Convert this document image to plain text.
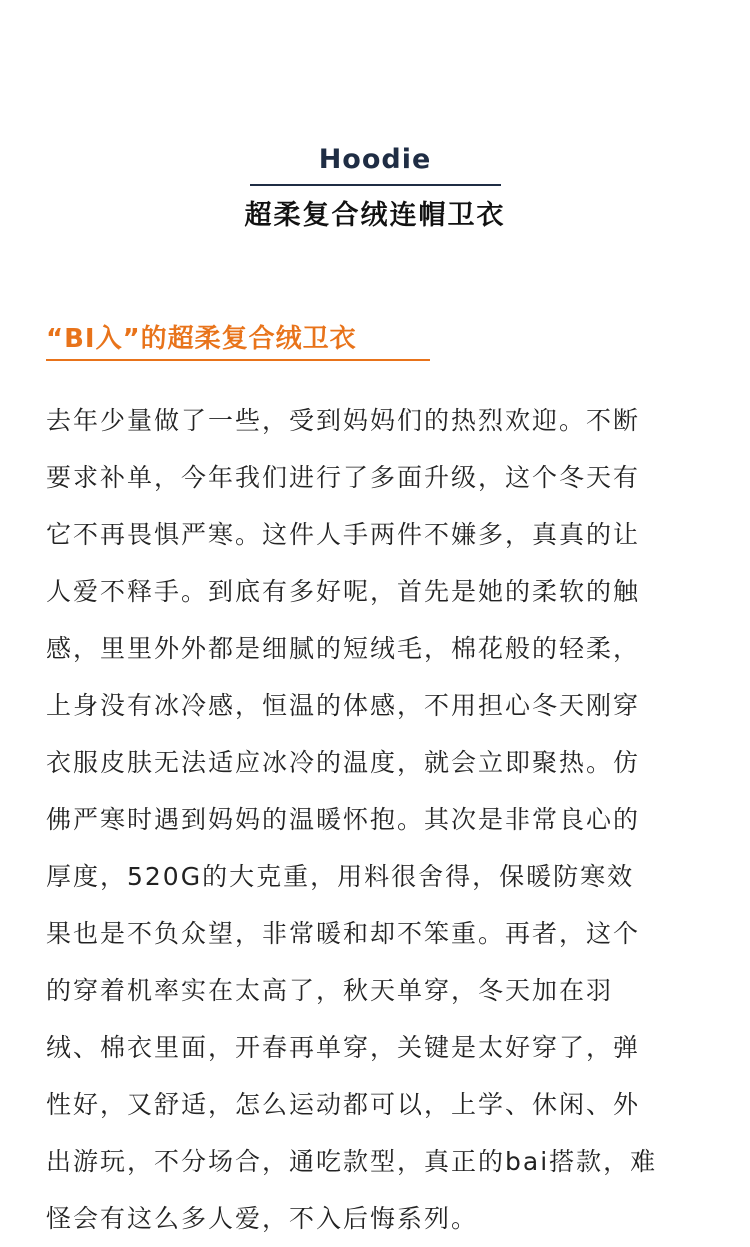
Hoodie
超柔复合绒连帽卫衣
“BI入”的超柔复合绒卫衣
去年少量做了一些，受到妈妈们的热烈欢迎。不断
要求补单，今年我们进行了多面升级，这个冬天有
它不再畏惧严寒。这件人手两件不嫌多，真真的让
人爱不释手。到底有多好呢，首先是她的柔软的触
感，里里外外都是细腻的短绒毛，棉花般的轻柔，
上身没有冰冷感，恒温的体感，不用担心冬天刚穿
衣服皮肤无法适应冰冷的温度，就会立即聚热。仿
佛严寒时遇到妈妈的温暖怀抱。其次是非常良心的
厚度，520G的大克重，用料很舍得，保暖防寒效
果也是不负众望，非常暖和却不笨重。再者，这个
的穿着机率实在太高了，秋天单穿，冬天加在羽
绒、棉衣里面，开春再单穿，关键是太好穿了，弹
性好，又舒适，怎么运动都可以，上学、休闲、外
出游玩，不分场合，通吃款型，真正的bai搭款，难
怪会有这么多人爱，不入后悔系列。
